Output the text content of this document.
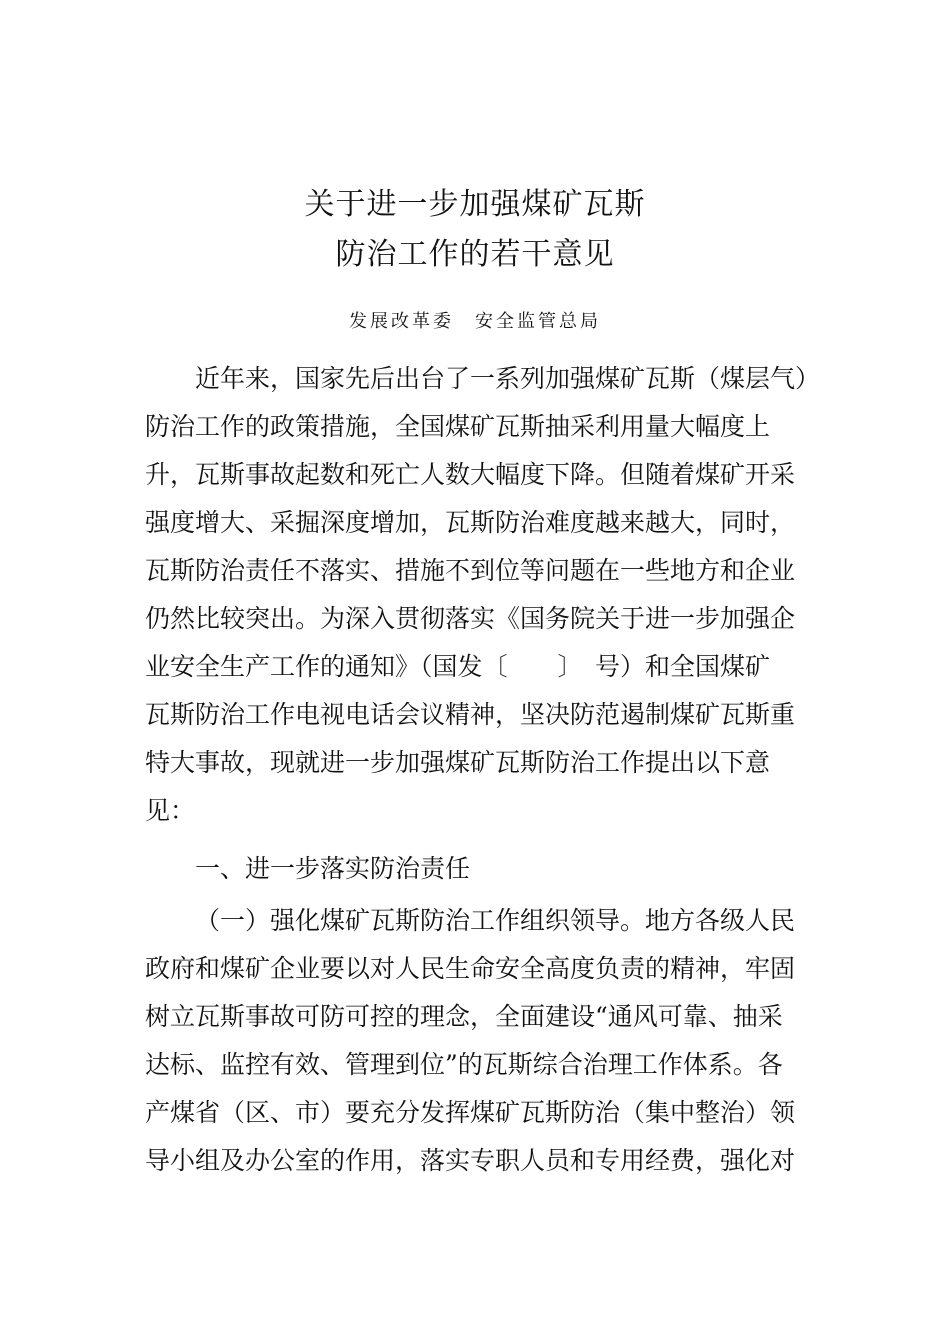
关于进一步加强煤矿瓦斯
防治工作的若干意见
发展改革委　安全监管总局
近年来，国家先后出台了一系列加强煤矿瓦斯（煤层气）
防治工作的政策措施，全国煤矿瓦斯抽采利用量大幅度上
升，瓦斯事故起数和死亡人数大幅度下降。但随着煤矿开采
强度增大、采掘深度增加，瓦斯防治难度越来越大，同时，
瓦斯防治责任不落实、措施不到位等问题在一些地方和企业
仍然比较突出。为深入贯彻落实《国务院关于进一步加强企
业安全生产工作的通知》（国发〔　　〕　号）和全国煤矿
瓦斯防治工作电视电话会议精神，坚决防范遏制煤矿瓦斯重
特大事故，现就进一步加强煤矿瓦斯防治工作提出以下意
见：
一、进一步落实防治责任
（一）强化煤矿瓦斯防治工作组织领导。地方各级人民
政府和煤矿企业要以对人民生命安全高度负责的精神，牢固
树立瓦斯事故可防可控的理念，全面建设“通风可靠、抽采
达标、监控有效、管理到位”的瓦斯综合治理工作体系。各
产煤省（区、市）要充分发挥煤矿瓦斯防治（集中整治）领
导小组及办公室的作用，落实专职人员和专用经费，强化对
